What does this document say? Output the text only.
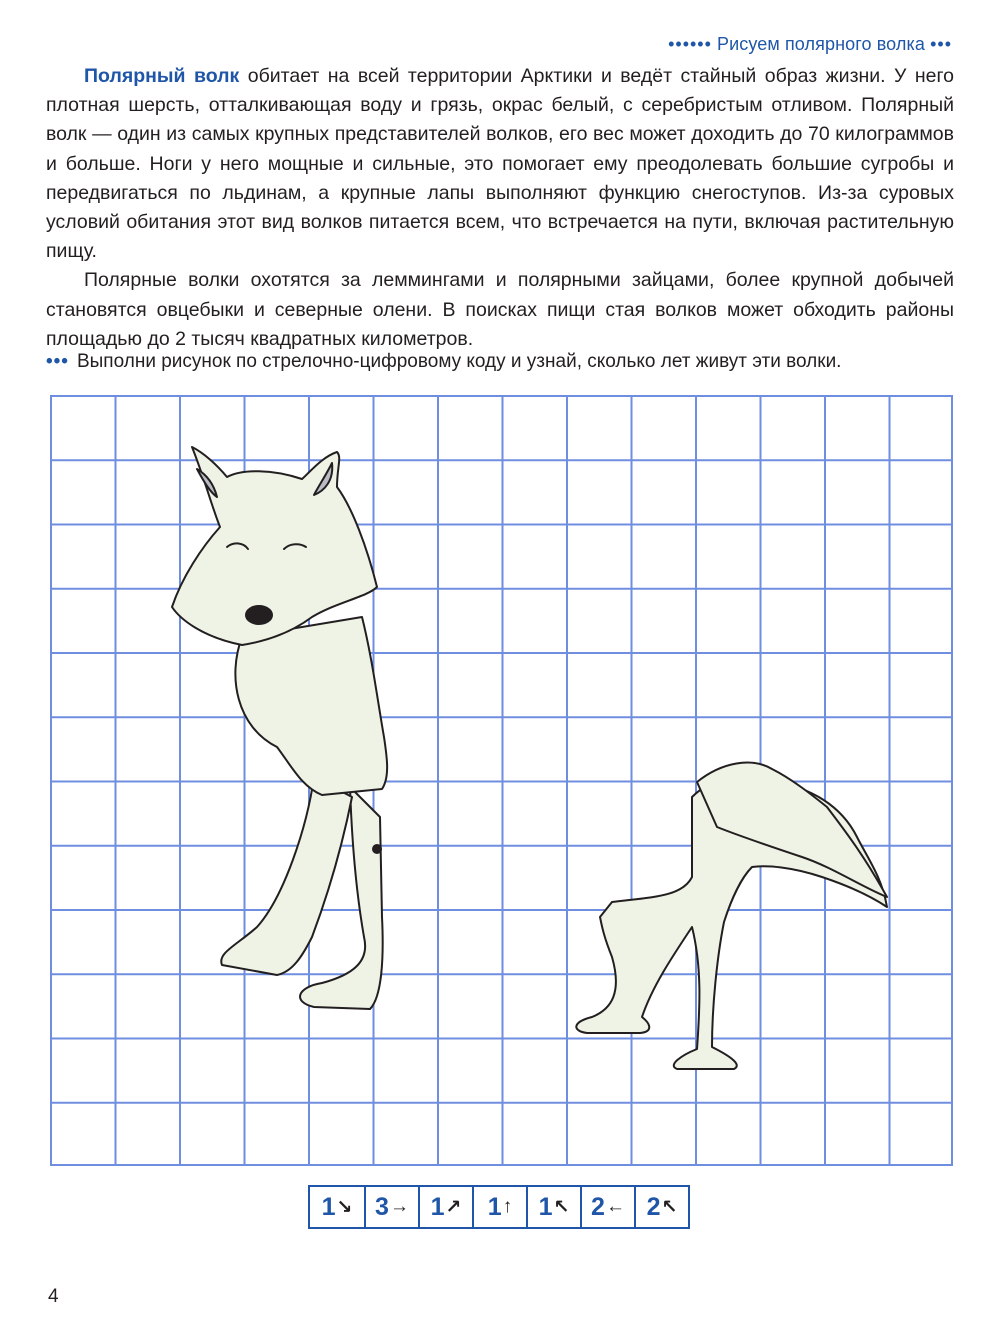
•••••• Рисуем полярного волка •••

Полярный волк обитает на всей территории Арктики и ведёт стайный образ жизни. У него плотная шерсть, отталкивающая воду и грязь, окрас белый, с серебристым отливом. Полярный волк — один из самых крупных представителей волков, его вес может доходить до 70 килограммов и больше. Ноги у него мощные и сильные, это помогает ему преодолевать большие сугробы и передвигаться по льдинам, а крупные лапы выполняют функцию снегоступов. Из-за суровых условий обитания этот вид волков питается всем, что встречается на пути, включая растительную пищу.

Полярные волки охотятся за леммингами и полярными зайцами, более крупной добычей становятся овцебыки и северные олени. В поисках пищи стая волков может обходить районы площадью до 2 тысяч квадратных километров.

••• Выполни рисунок по стрелочно-цифровому коду и узнай, сколько лет живут эти волки.
1 ↘ 3 → 1 ↗ 1 ↑ 1 ↖ 2 ← 2 ↖
4
